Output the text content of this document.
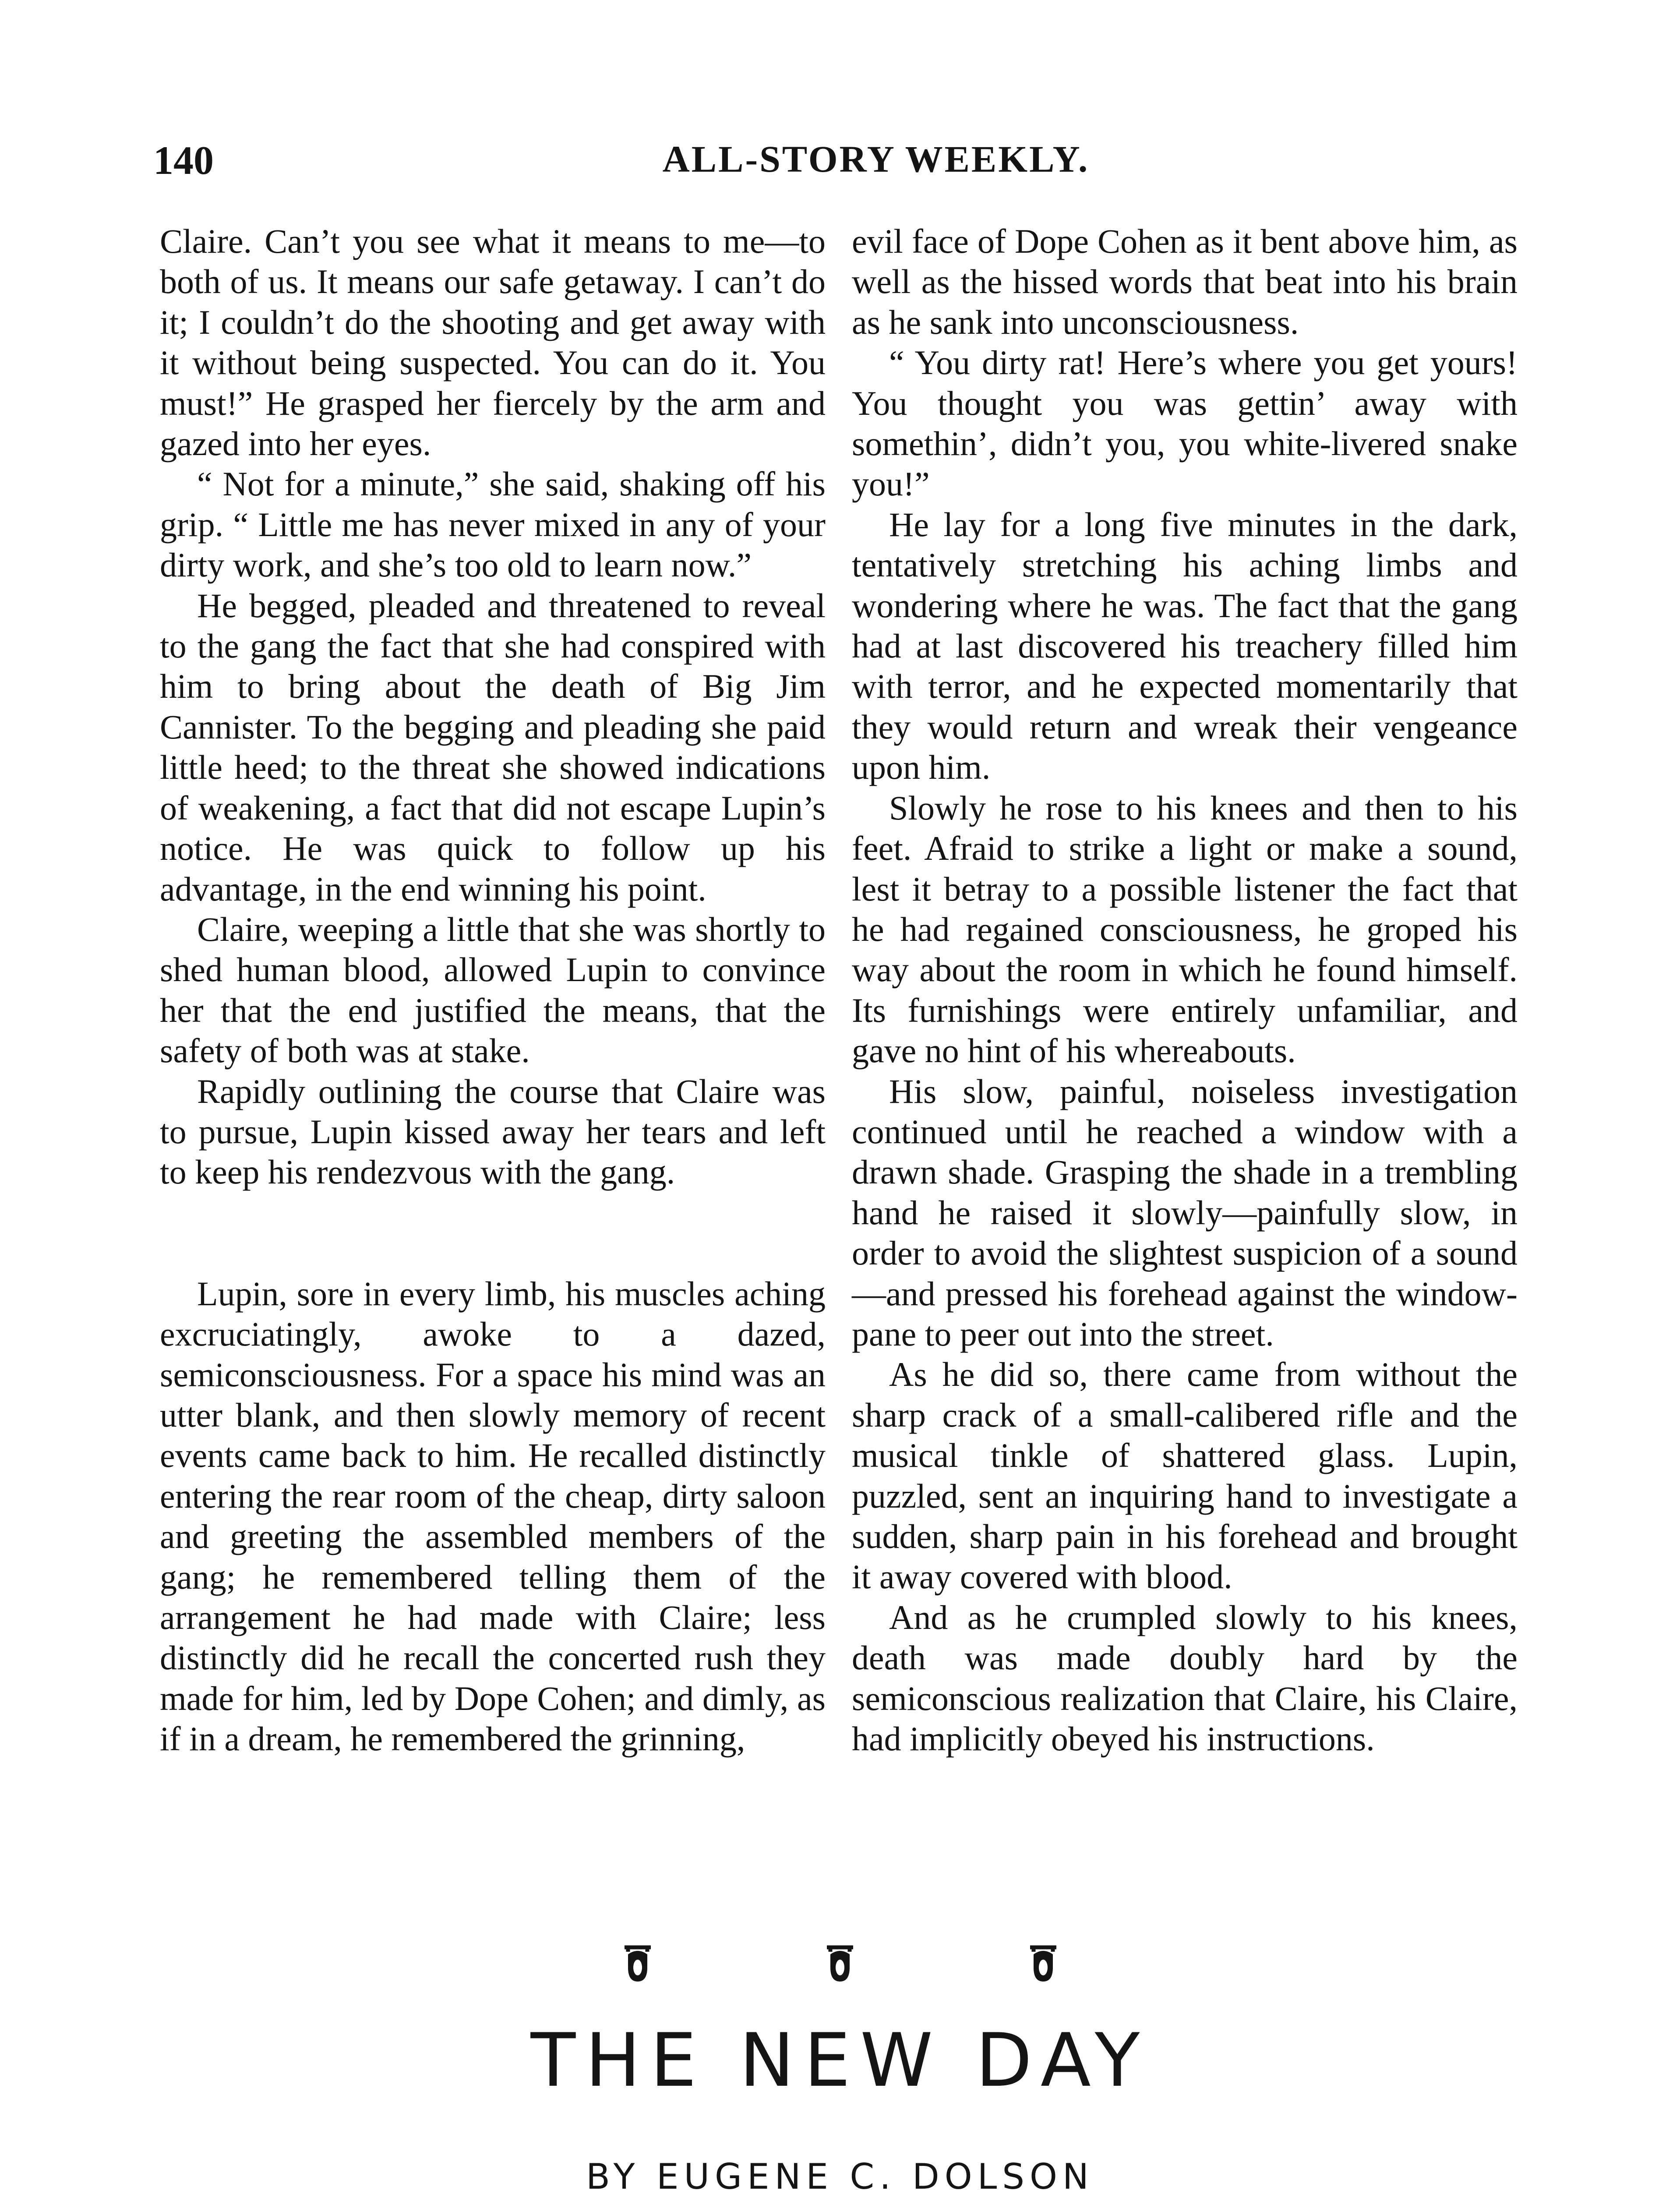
140	ALL-STORY WEEKLY.

Claire. Can’t you see what it means to me—to both of us. It means our safe getaway. I can’t do it; I couldn’t do the shooting and get away with it without being suspected. You can do it. You must!” He grasped her fiercely by the arm and gazed into her eyes.

“ Not for a minute,” she said, shaking off his grip. “ Little me has never mixed in any of your dirty work, and she’s too old to learn now.”

He begged, pleaded and threatened to reveal to the gang the fact that she had conspired with him to bring about the death of Big Jim Cannister. To the begging and pleading she paid little heed; to the threat she showed indications of weakening, a fact that did not escape Lupin’s notice. He was quick to follow up his advantage, in the end winning his point.

Claire, weeping a little that she was shortly to shed human blood, allowed Lupin to convince her that the end justified the means, that the safety of both was at stake.

Rapidly outlining the course that Claire was to pursue, Lupin kissed away her tears and left to keep his rendezvous with the gang.

Lupin, sore in every limb, his muscles aching excruciatingly, awoke to a dazed, semiconsciousness. For a space his mind was an utter blank, and then slowly memory of recent events came back to him. He recalled distinctly entering the rear room of the cheap, dirty saloon and greeting the assembled members of the gang; he remembered telling them of the arrangement he had made with Claire; less distinctly did he recall the concerted rush they made for him, led by Dope Cohen; and dimly, as if in a dream, he remembered the grinning,

evil face of Dope Cohen as it bent above him, as well as the hissed words that beat into his brain as he sank into unconsciousness.

“ You dirty rat! Here’s where you get yours! You thought you was gettin’ away with somethin’, didn’t you, you white-livered snake you!”

He lay for a long five minutes in the dark, tentatively stretching his aching limbs and wondering where he was. The fact that the gang had at last discovered his treachery filled him with terror, and he expected momentarily that they would return and wreak their vengeance upon him.

Slowly he rose to his knees and then to his feet. Afraid to strike a light or make a sound, lest it betray to a possible listener the fact that he had regained consciousness, he groped his way about the room in which he found himself. Its furnishings were entirely unfamiliar, and gave no hint of his whereabouts.

His slow, painful, noiseless investigation continued until he reached a window with a drawn shade. Grasping the shade in a trembling hand he raised it slowly—painfully slow, in order to avoid the slightest suspicion of a sound—and pressed his forehead against the window-pane to peer out into the street.

As he did so, there came from without the sharp crack of a small-calibered rifle and the musical tinkle of shattered glass. Lupin, puzzled, sent an inquiring hand to investigate a sudden, sharp pain in his forehead and brought it away covered with blood.

And as he crumpled slowly to his knees, death was made doubly hard by the semiconscious realization that Claire, his Claire, had implicitly obeyed his instructions.

THE NEW DAY
BY EUGENE C. DOLSON
